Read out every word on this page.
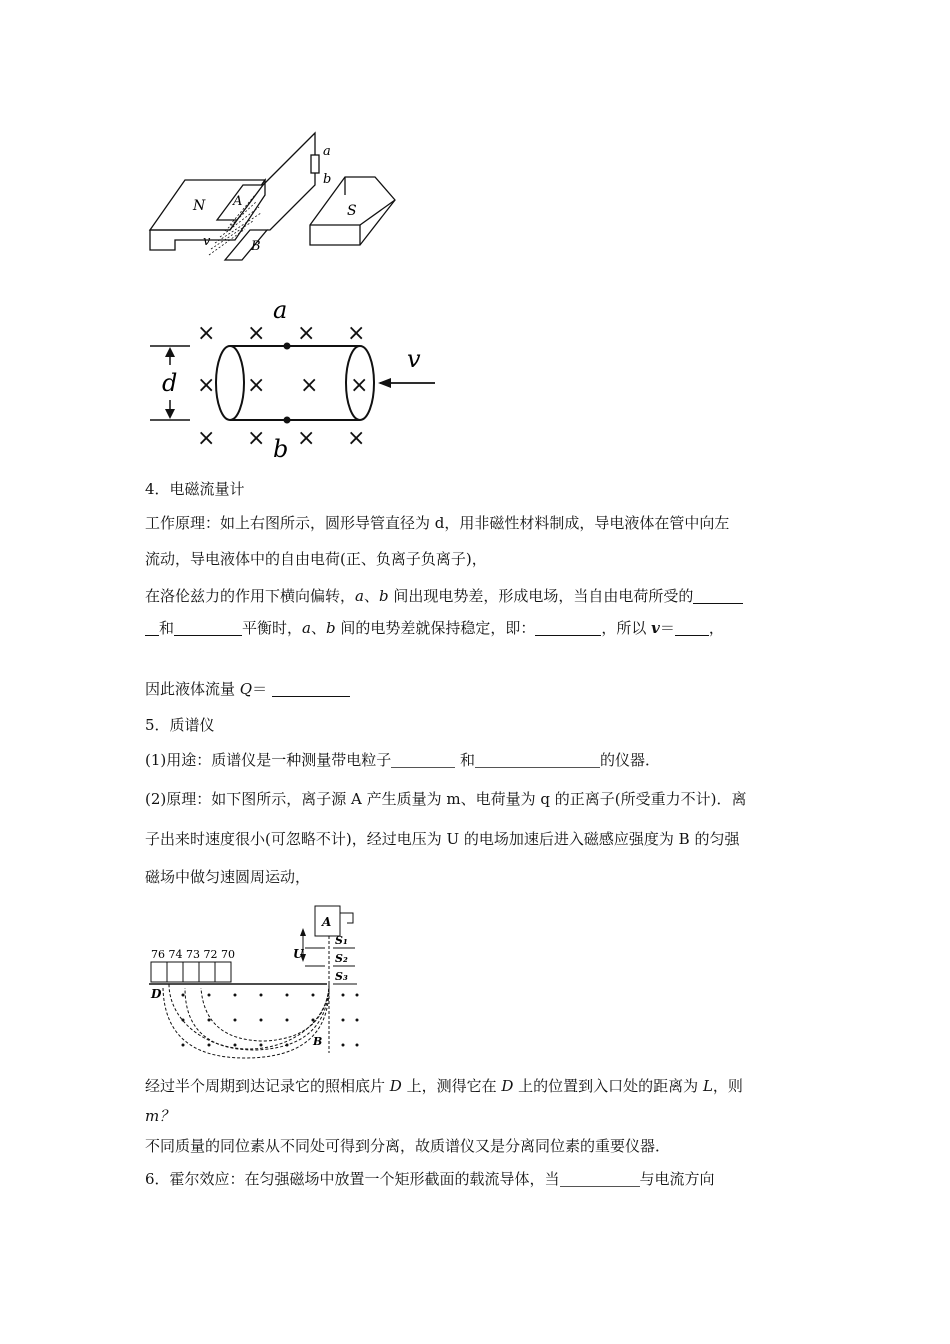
N	S
A
B
a
b
v
× × × ×
× × × ×
× × × ×
a
b
d
v
4．电磁流量计
工作原理：如上右图所示，圆形导管直径为 d，用非磁性材料制成，导电液体在管中向左
流动，导电液体中的自由电荷(正、负离子负离子)，
在洛伦兹力的作用下横向偏转，a、b 间出现电势差，形成电场，当自由电荷所受的
和	平衡时，a、b 间的电势差就保持稳定，即：	，所以 v＝ ，
因此液体流量 Q＝
5．质谱仪
(1)用途：质谱仪是一种测量带电粒子	和	的仪器．
(2)原理：如下图所示，离子源 A 产生质量为 m、电荷量为 q 的正离子(所受重力不计)．离
子出来时速度很小(可忽略不计)，经过电压为 U 的电场加速后进入磁感应强度为 B 的匀强
磁场中做匀速圆周运动，
76 74 73 72 70
A
U
S₁
S₂
S₃
D
B
经过半个周期到达记录它的照相底片 D 上，测得它在 D 上的位置到入口处的距离为 L，则
m？
不同质量的同位素从不同处可得到分离，故质谱仪又是分离同位素的重要仪器．
6．霍尔效应：在匀强磁场中放置一个矩形截面的载流导体，当	与电流方向
